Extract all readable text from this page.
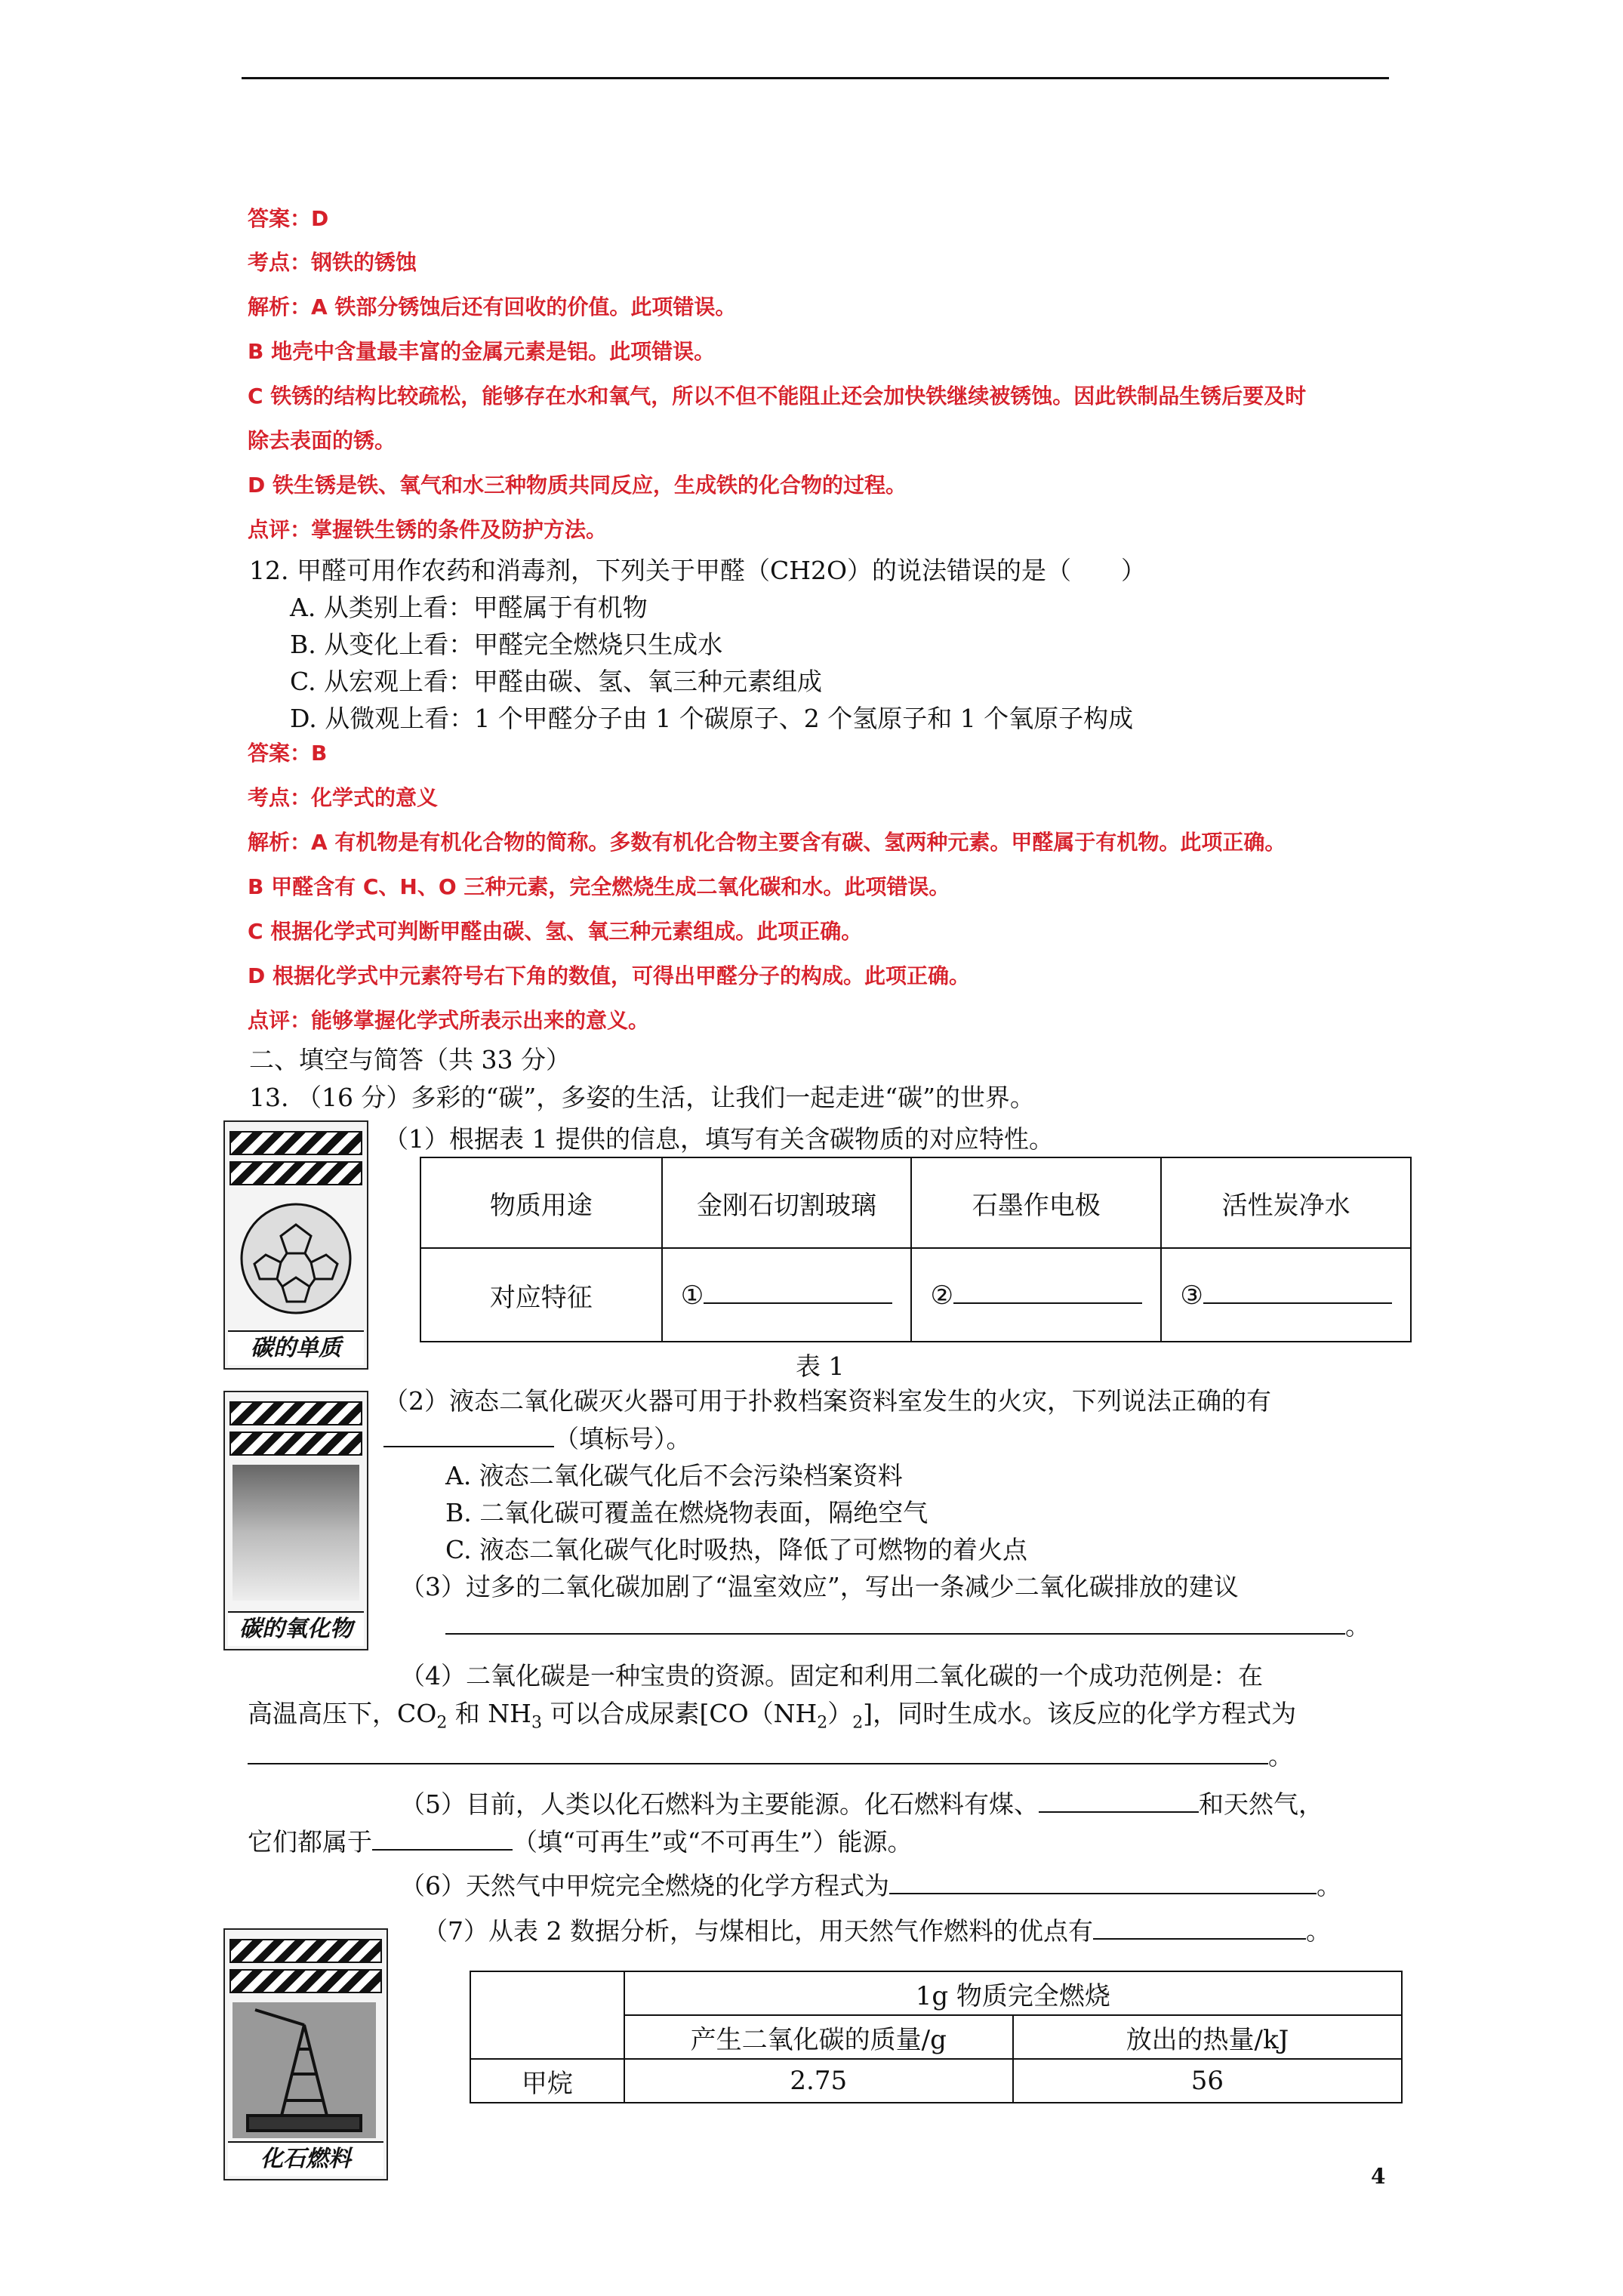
答案：D
考点：钢铁的锈蚀
解析：A 铁部分锈蚀后还有回收的价值。此项错误。
B 地壳中含量最丰富的金属元素是铝。此项错误。
C 铁锈的结构比较疏松，能够存在水和氧气，所以不但不能阻止还会加快铁继续被锈蚀。因此铁制品生锈后要及时
除去表面的锈。
D 铁生锈是铁、氧气和水三种物质共同反应，生成铁的化合物的过程。
点评：掌握铁生锈的条件及防护方法。
12. 甲醛可用作农药和消毒剂，下列关于甲醛（CH2O）的说法错误的是（　　）
A. 从类别上看：甲醛属于有机物
B. 从变化上看：甲醛完全燃烧只生成水
C. 从宏观上看：甲醛由碳、氢、氧三种元素组成
D. 从微观上看：1 个甲醛分子由 1 个碳原子、2 个氢原子和 1 个氧原子构成
答案：B
考点：化学式的意义
解析：A 有机物是有机化合物的简称。多数有机化合物主要含有碳、氢两种元素。甲醛属于有机物。此项正确。
B 甲醛含有 C、H、O 三种元素，完全燃烧生成二氧化碳和水。此项错误。
C 根据化学式可判断甲醛由碳、氢、氧三种元素组成。此项正确。
D 根据化学式中元素符号右下角的数值，可得出甲醛分子的构成。此项正确。
点评：能够掌握化学式所表示出来的意义。
二、填空与简答（共 33 分）
13. （16 分）多彩的“碳”，多姿的生活，让我们一起走进“碳”的世界。
碳的单质
（1）根据表 1 提供的信息，填写有关含碳物质的对应特性。
物质用途	金刚石切割玻璃	石墨作电极	活性炭净水
对应特征	①	②	③
表 1
碳的氧化物
（2）液态二氧化碳灭火器可用于扑救档案资料室发生的火灾，下列说法正确的有
（填标号）。
A. 液态二氧化碳气化后不会污染档案资料
B. 二氧化碳可覆盖在燃烧物表面，隔绝空气
C. 液态二氧化碳气化时吸热，降低了可燃物的着火点
（3）过多的二氧化碳加剧了“温室效应”，写出一条减少二氧化碳排放的建议
。
（4）二氧化碳是一种宝贵的资源。固定和利用二氧化碳的一个成功范例是：在
高温高压下，$CO_2$ 和 $NH_3$ 可以合成尿素$[CO(NH_2)_2]$，同时生成水。该反应的化学方程式为
。
（5）目前，人类以化石燃料为主要能源。化石燃料有煤、	和天然气，
它们都属于	（填“可再生”或“不可再生”）能源。
（6）天然气中甲烷完全燃烧的化学方程式为	。
化石燃料
（7）从表 2 数据分析，与煤相比，用天然气作燃料的优点有	。
	1g 物质完全燃烧	
	产生二氧化碳的质量/g	放出的热量/kJ
甲烷	2.75	56
4
